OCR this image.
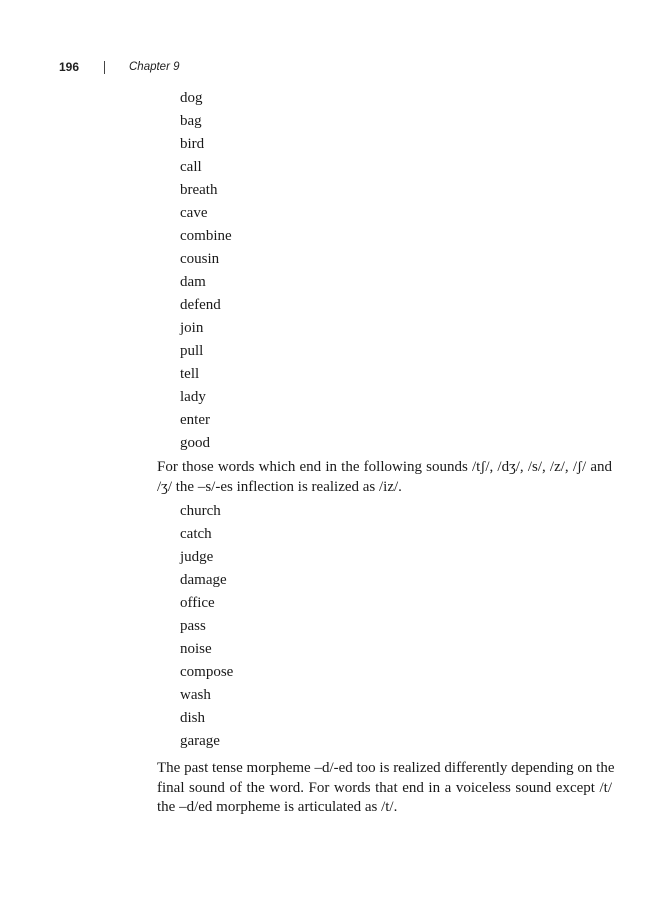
196	Chapter 9
dog
bag
bird
call
breath
cave
combine
cousin
dam
defend
join
pull
tell
lady
enter
good

For those words which end in the following sounds /tʃ/, /dʒ/, /s/, /z/, /ʃ/ and
/ʒ/ the –s/-es inflection is realized as /iz/.

church
catch
judge
damage
office
pass
noise
compose
wash
dish
garage

The past tense morpheme –d/-ed too is realized differently depending on the
final sound of the word. For words that end in a voiceless sound except /t/
the –d/ed morpheme is articulated as /t/.
